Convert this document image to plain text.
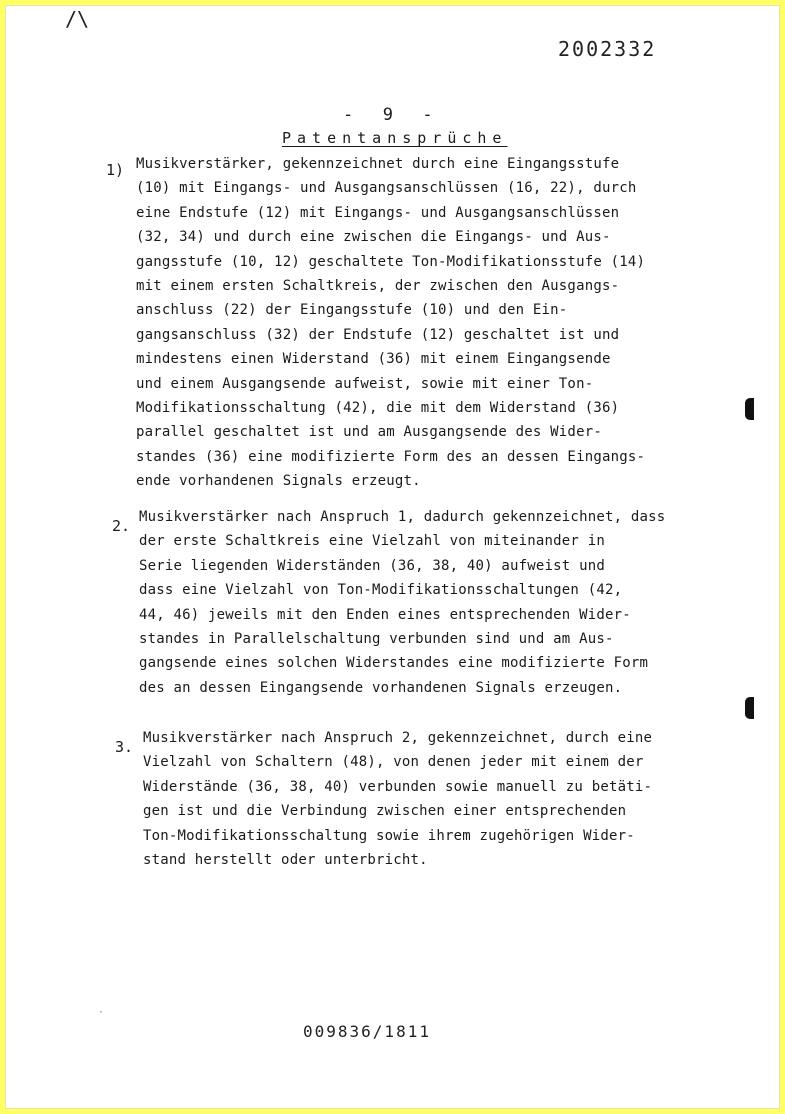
/\
2002332
-  9  -
Patentansprüche
1) Musikverstärker, gekennzeichnet durch eine Eingangsstufe
(10) mit Eingangs- und Ausgangsanschlüssen (16, 22), durch
eine Endstufe (12) mit Eingangs- und Ausgangsanschlüssen
(32, 34) und durch eine zwischen die Eingangs- und Aus-
gangsstufe (10, 12) geschaltete Ton-Modifikationsstufe (14)
mit einem ersten Schaltkreis, der zwischen den Ausgangs-
anschluss (22) der Eingangsstufe (10) und den Ein-
gangsanschluss (32) der Endstufe (12) geschaltet ist und
mindestens einen Widerstand (36) mit einem Eingangsende
und einem Ausgangsende aufweist, sowie mit einer Ton-
Modifikationsschaltung (42), die mit dem Widerstand (36)
parallel geschaltet ist und am Ausgangsende des Wider-
standes (36) eine modifizierte Form des an dessen Eingangs-
ende vorhandenen Signals erzeugt.
2. Musikverstärker nach Anspruch 1, dadurch gekennzeichnet, dass
der erste Schaltkreis eine Vielzahl von miteinander in
Serie liegenden Widerständen (36, 38, 40) aufweist und
dass eine Vielzahl von Ton-Modifikationsschaltungen (42,
44, 46) jeweils mit den Enden eines entsprechenden Wider-
standes in Parallelschaltung verbunden sind und am Aus-
gangsende eines solchen Widerstandes eine modifizierte Form
des an dessen Eingangsende vorhandenen Signals erzeugen.
3. Musikverstärker nach Anspruch 2, gekennzeichnet, durch eine
Vielzahl von Schaltern (48), von denen jeder mit einem der
Widerstände (36, 38, 40) verbunden sowie manuell zu betäti-
gen ist und die Verbindung zwischen einer entsprechenden
Ton-Modifikationsschaltung sowie ihrem zugehörigen Wider-
stand herstellt oder unterbricht.
·
009836/1811
